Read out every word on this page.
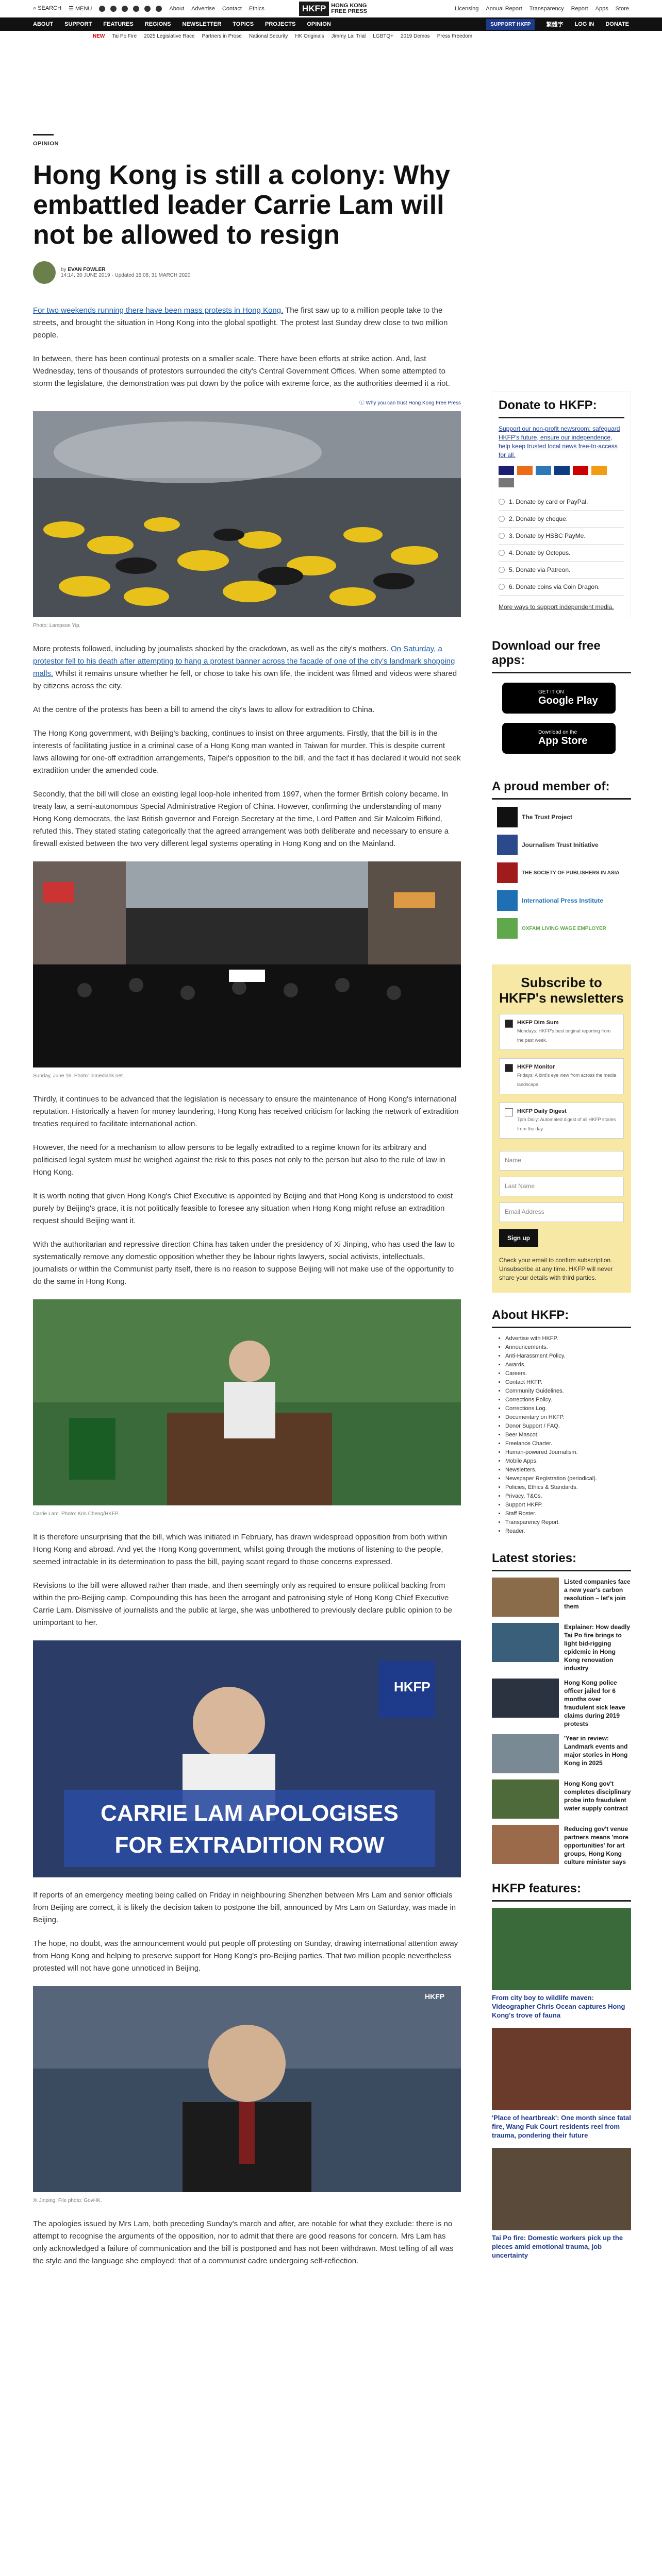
⌕ SEARCH ☰ MENU	About Advertise Contact Ethics	HKFP HONG KONG
FREE PRESS	Licensing Annual Report Transparency Report Apps Store
ABOUT SUPPORT FEATURES REGIONS NEWSLETTER TOPICS PROJECTS OPINION	SUPPORT HKFP	繁體字 LOG IN DONATE
NEW Tai Po Fire 2025 Legislative Race Partners in Prose National Security HK Originals Jimmy Lai Trial LGBTQ+ 2019 Demos Press Freedom
OPINION
Hong Kong is still a colony: Why embattled leader Carrie Lam will not be allowed to resign
by EVAN FOWLER
14:14, 20 JUNE 2019 · Updated 15:08, 31 MARCH 2020

For two weekends running there have been mass protests in Hong Kong. The first saw up to a million people take to the streets, and brought the situation in Hong Kong into the global spotlight. The protest last Sunday drew close to two million people.

In between, there has been continual protests on a smaller scale. There have been efforts at strike action. And, last Wednesday, tens of thousands of protestors surrounded the city's Central Government Offices. When some attempted to storm the legislature, the demonstration was put down by the police with extreme force, as the authorities deemed it a riot.

ⓘ Why you can trust Hong Kong Free Press
Photo: Lampson Yip.

More protests followed, including by journalists shocked by the crackdown, as well as the city's mothers. On Saturday, a protestor fell to his death after attempting to hang a protest banner across the facade of one of the city's landmark shopping malls. Whilst it remains unsure whether he fell, or chose to take his own life, the incident was filmed and videos were shared by citizens across the city.

At the centre of the protests has been a bill to amend the city's laws to allow for extradition to China.

The Hong Kong government, with Beijing's backing, continues to insist on three arguments. Firstly, that the bill is in the interests of facilitating justice in a criminal case of a Hong Kong man wanted in Taiwan for murder. This is despite current laws allowing for one-off extradition arrangements, Taipei's opposition to the bill, and the fact it has declared it would not seek extradition under the amended code.

Secondly, that the bill will close an existing legal loop-hole inherited from 1997, when the former British colony became. In treaty law, a semi-autonomous Special Administrative Region of China. However, confirming the understanding of many Hong Kong democrats, the last British governor and Foreign Secretary at the time, Lord Patten and Sir Malcolm Rifkind, refuted this. They stated stating categorically that the agreed arrangement was both deliberate and necessary to ensure a firewall existed between the two very different legal systems operating in Hong Kong and on the Mainland.

Sunday, June 16. Photo: inmediahk.net.

Thirdly, it continues to be advanced that the legislation is necessary to ensure the maintenance of Hong Kong's international reputation. Historically a haven for money laundering, Hong Kong has received criticism for lacking the network of extradition treaties required to facilitate international action.

However, the need for a mechanism to allow persons to be legally extradited to a regime known for its arbitrary and politicised legal system must be weighed against the risk to this poses not only to the person but also to the rule of law in Hong Kong.

It is worth noting that given Hong Kong's Chief Executive is appointed by Beijing and that Hong Kong is understood to exist purely by Beijing's grace, it is not politically feasible to foresee any situation when Hong Kong might refuse an extradition request should Beijing want it.

With the authoritarian and repressive direction China has taken under the presidency of Xi Jinping, who has used the law to systematically remove any domestic opposition whether they be labour rights lawyers, social activists, intellectuals, journalists or within the Communist party itself, there is no reason to suppose Beijing will not make use of the opportunity to do the same in Hong Kong.

Carrie Lam. Photo: Kris Cheng/HKFP.

It is therefore unsurprising that the bill, which was initiated in February, has drawn widespread opposition from both within Hong Kong and abroad. And yet the Hong Kong government, whilst going through the motions of listening to the people, seemed intractable in its determination to pass the bill, paying scant regard to those concerns expressed.

Revisions to the bill were allowed rather than made, and then seemingly only as required to ensure political backing from within the pro-Beijing camp. Compounding this has been the arrogant and patronising style of Hong Kong Chief Executive Carrie Lam. Dismissive of journalists and the public at large, she was unbothered to previously declare public opinion to be unimportant to her.

HKFP
CARRIE LAM APOLOGISES
FOR EXTRADITION ROW

If reports of an emergency meeting being called on Friday in neighbouring Shenzhen between Mrs Lam and senior officials from Beijing are correct, it is likely the decision taken to postpone the bill, announced by Mrs Lam on Saturday, was made in Beijing.

The hope, no doubt, was the announcement would put people off protesting on Sunday, drawing international attention away from Hong Kong and helping to preserve support for Hong Kong's pro-Beijing parties. That two million people nevertheless protested will not have gone unnoticed in Beijing.

HKFP
Xi Jinping. File photo: GovHK.

The apologies issued by Mrs Lam, both preceding Sunday's march and after, are notable for what they exclude: there is no attempt to recognise the arguments of the opposition, nor to admit that there are good reasons for concern. Mrs Lam has only acknowledged a failure of communication and the bill is postponed and has not been withdrawn. Most telling of all was the style and the language she employed: that of a communist cadre undergoing self-reflection.

Donate to HKFP:
Support our non-profit newsroom: safeguard HKFP's future, ensure our independence, help keep trusted local news free-to-access for all.
1. Donate by card or PayPal.
2. Donate by cheque.
3. Donate by HSBC PayMe.
4. Donate by Octopus.
5. Donate via Patreon.
6. Donate coins via Coin Dragon.
More ways to support independent media.
Download our free apps:
GET IT ON
Google Play
Download on the
App Store
A proud member of:
The Trust Project
Journalism Trust Initiative
THE SOCIETY OF PUBLISHERS IN ASIA
International Press Institute
OXFAM LIVING WAGE EMPLOYER
Subscribe to HKFP's newsletters
HKFP Dim Sum
Mondays: HKFP's best original reporting from the past week.
HKFP Monitor
Fridays: A bird's eye view from across the media landscape.
HKFP Daily Digest
7pm Daily: Automated digest of all HKFP stories from the day.
Name
Last Name
Email Address
Sign up
Check your email to confirm subscription. Unsubscribe at any time. HKFP will never share your details with third parties.
About HKFP:
• Advertise with HKFP.
• Announcements.
• Anti-Harassment Policy.
• Awards.
• Careers.
• Contact HKFP.
• Community Guidelines.
• Corrections Policy.
• Corrections Log.
• Documentary on HKFP.
• Donor Support / FAQ.
• Beer Mascot.
• Freelance Charter.
• Human-powered Journalism.
• Mobile Apps.
• Newsletters.
• Newspaper Registration (periodical).
• Policies, Ethics & Standards.
• Privacy, T&Cs.
• Support HKFP.
• Staff Roster.
• Transparency Report.
• Reader.
Latest stories:
Listed companies face a new year's carbon resolution – let's join them
Explainer: How deadly Tai Po fire brings to light bid-rigging epidemic in Hong Kong renovation industry
Hong Kong police officer jailed for 6 months over fraudulent sick leave claims during 2019 protests
'Year in review: Landmark events and major stories in Hong Kong in 2025
Hong Kong gov't completes disciplinary probe into fraudulent water supply contract
Reducing gov't venue partners means 'more opportunities' for art groups, Hong Kong culture minister says
HKFP features:
From city boy to wildlife maven: Videographer Chris Ocean captures Hong Kong's trove of fauna
'Place of heartbreak': One month since fatal fire, Wang Fuk Court residents reel from trauma, pondering their future
Tai Po fire: Domestic workers pick up the pieces amid emotional trauma, job uncertainty
